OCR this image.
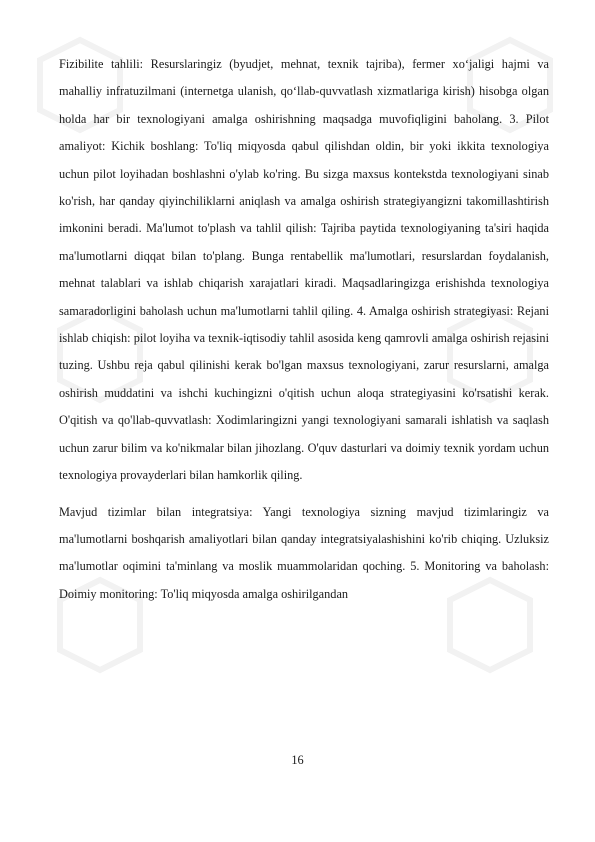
Fizibilite tahlili: Resurslaringiz (byudjet, mehnat, texnik tajriba), fermer xo‘jaligi hajmi va mahalliy infratuzilmani (internetga ulanish, qo‘llab-quvvatlash xizmatlariga kirish) hisobga olgan holda har bir texnologiyani amalga oshirishning maqsadga muvofiqligini baholang. 3. Pilot amaliyot: Kichik boshlang: To'liq miqyosda qabul qilishdan oldin, bir yoki ikkita texnologiya uchun pilot loyihadan boshlashni o'ylab ko'ring. Bu sizga maxsus kontekstda texnologiyani sinab ko'rish, har qanday qiyinchiliklarni aniqlash va amalga oshirish strategiyangizni takomillashtirish imkonini beradi. Ma'lumot to'plash va tahlil qilish: Tajriba paytida texnologiyaning ta'siri haqida ma'lumotlarni diqqat bilan to'plang. Bunga rentabellik ma'lumotlari, resurslardan foydalanish, mehnat talablari va ishlab chiqarish xarajatlari kiradi. Maqsadlaringizga erishishda texnologiya samaradorligini baholash uchun ma'lumotlarni tahlil qiling. 4. Amalga oshirish strategiyasi: Rejani ishlab chiqish: pilot loyiha va texnik-iqtisodiy tahlil asosida keng qamrovli amalga oshirish rejasini tuzing. Ushbu reja qabul qilinishi kerak bo'lgan maxsus texnologiyani, zarur resurslarni, amalga oshirish muddatini va ishchi kuchingizni o'qitish uchun aloqa strategiyasini ko'rsatishi kerak. O'qitish va qo'llab-quvvatlash: Xodimlaringizni yangi texnologiyani samarali ishlatish va saqlash uchun zarur bilim va ko'nikmalar bilan jihozlang. O'quv dasturlari va doimiy texnik yordam uchun texnologiya provayderlari bilan hamkorlik qiling.

Mavjud tizimlar bilan integratsiya: Yangi texnologiya sizning mavjud tizimlaringiz va ma'lumotlarni boshqarish amaliyotlari bilan qanday integratsiyalashishini ko'rib chiqing. Uzluksiz ma'lumotlar oqimini ta'minlang va moslik muammolaridan qoching. 5. Monitoring va baholash: Doimiy monitoring: To'liq miqyosda amalga oshirilgandan

16
